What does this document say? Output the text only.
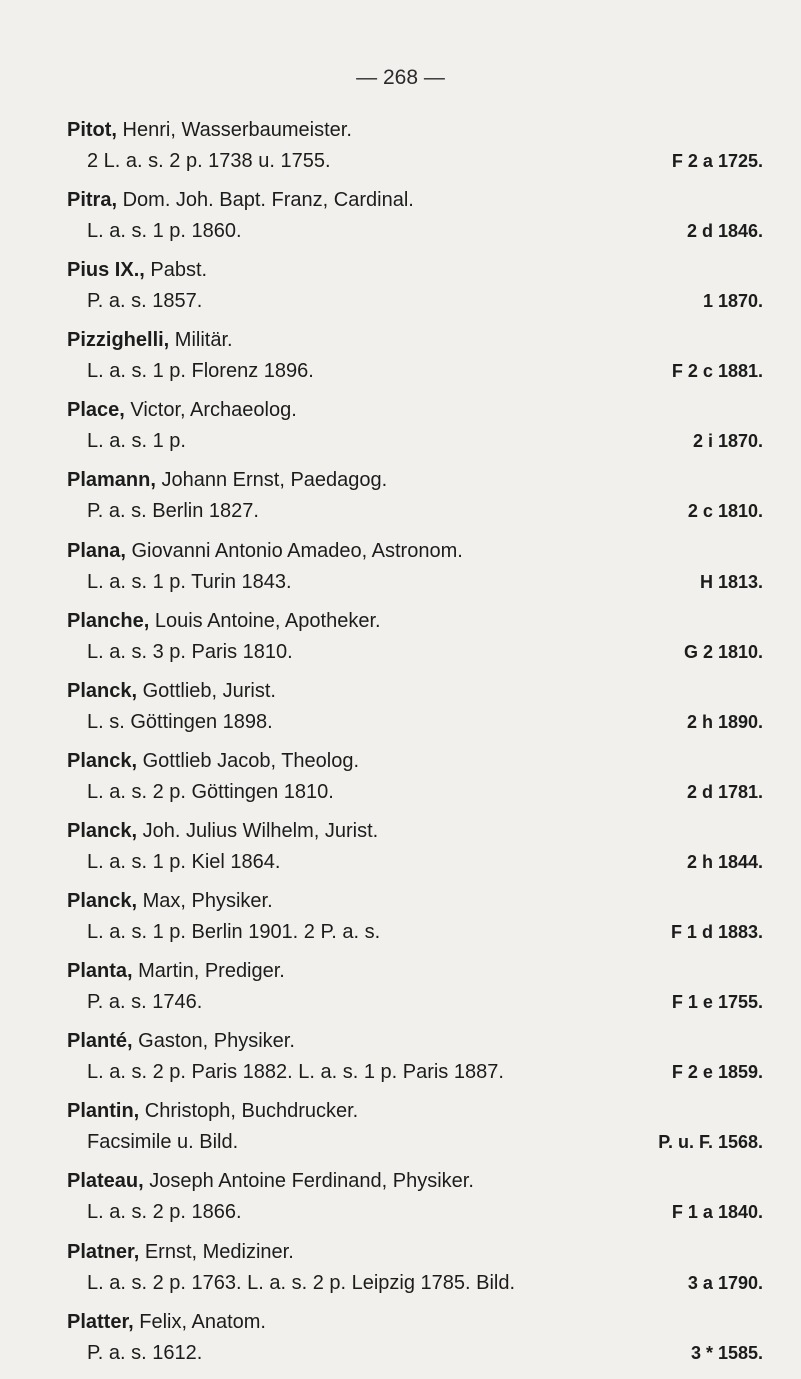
— 268 —
Pitot, Henri, Wasserbaumeister.
2 L. a. s. 2 p. 1738 u. 1755.	F 2 a 1725.
Pitra, Dom. Joh. Bapt. Franz, Cardinal.
L. a. s. 1 p. 1860.	2 d 1846.
Pius IX., Pabst.
P. a. s. 1857.	1 1870.
Pizzighelli, Militär.
L. a. s. 1 p. Florenz 1896.	F 2 c 1881.
Place, Victor, Archaeolog.
L. a. s. 1 p.	2 i 1870.
Plamann, Johann Ernst, Paedagog.
P. a. s. Berlin 1827.	2 c 1810.
Plana, Giovanni Antonio Amadeo, Astronom.
L. a. s. 1 p. Turin 1843.	H 1813.
Planche, Louis Antoine, Apotheker.
L. a. s. 3 p. Paris 1810.	G 2 1810.
Planck, Gottlieb, Jurist.
L. s. Göttingen 1898.	2 h 1890.
Planck, Gottlieb Jacob, Theolog.
L. a. s. 2 p. Göttingen 1810.	2 d 1781.
Planck, Joh. Julius Wilhelm, Jurist.
L. a. s. 1 p. Kiel 1864.	2 h 1844.
Planck, Max, Physiker.
L. a. s. 1 p. Berlin 1901. 2 P. a. s.	F 1 d 1883.
Planta, Martin, Prediger.
P. a. s. 1746.	F 1 e 1755.
Planté, Gaston, Physiker.
L. a. s. 2 p. Paris 1882. L. a. s. 1 p. Paris 1887.	F 2 e 1859.
Plantin, Christoph, Buchdrucker.
Facsimile u. Bild.	P. u. F. 1568.
Plateau, Joseph Antoine Ferdinand, Physiker.
L. a. s. 2 p. 1866.	F 1 a 1840.
Platner, Ernst, Mediziner.
L. a. s. 2 p. 1763. L. a. s. 2 p. Leipzig 1785. Bild.	3 a 1790.
Platter, Felix, Anatom.
P. a. s. 1612.	3 * 1585.
